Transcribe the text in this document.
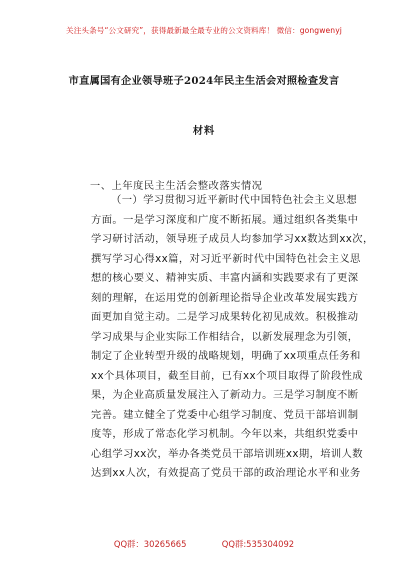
关注头条号“公文研究”，获得最新最全最专业的公文资料库！ 微信：gongwenyj
市直属国有企业领导班子2024年民主生活会对照检查发言
材料
一、上年度民主生活会整改落实情况
（一）学习贯彻习近平新时代中国特色社会主义思想
方面。一是学习深度和广度不断拓展。通过组织各类集中
学习研讨活动，领导班子成员人均参加学习xx数达到xx次，
撰写学习心得xx篇，对习近平新时代中国特色社会主义思
想的核心要义、精神实质、丰富内涵和实践要求有了更深
刻的理解，在运用党的创新理论指导企业改革发展实践方
面更加自觉主动。二是学习成果转化初见成效。积极推动
学习成果与企业实际工作相结合，以新发展理念为引领，
制定了企业转型升级的战略规划，明确了xx项重点任务和
xx个具体项目，截至目前，已有xx个项目取得了阶段性成
果，为企业高质量发展注入了新动力。三是学习制度不断
完善。建立健全了党委中心组学习制度、党员干部培训制
度等，形成了常态化学习机制。今年以来，共组织党委中
心组学习xx次，举办各类党员干部培训班xx期，培训人数
达到xx人次，有效提高了党员干部的政治理论水平和业务
QQ群：30265665	QQ群:535304092
